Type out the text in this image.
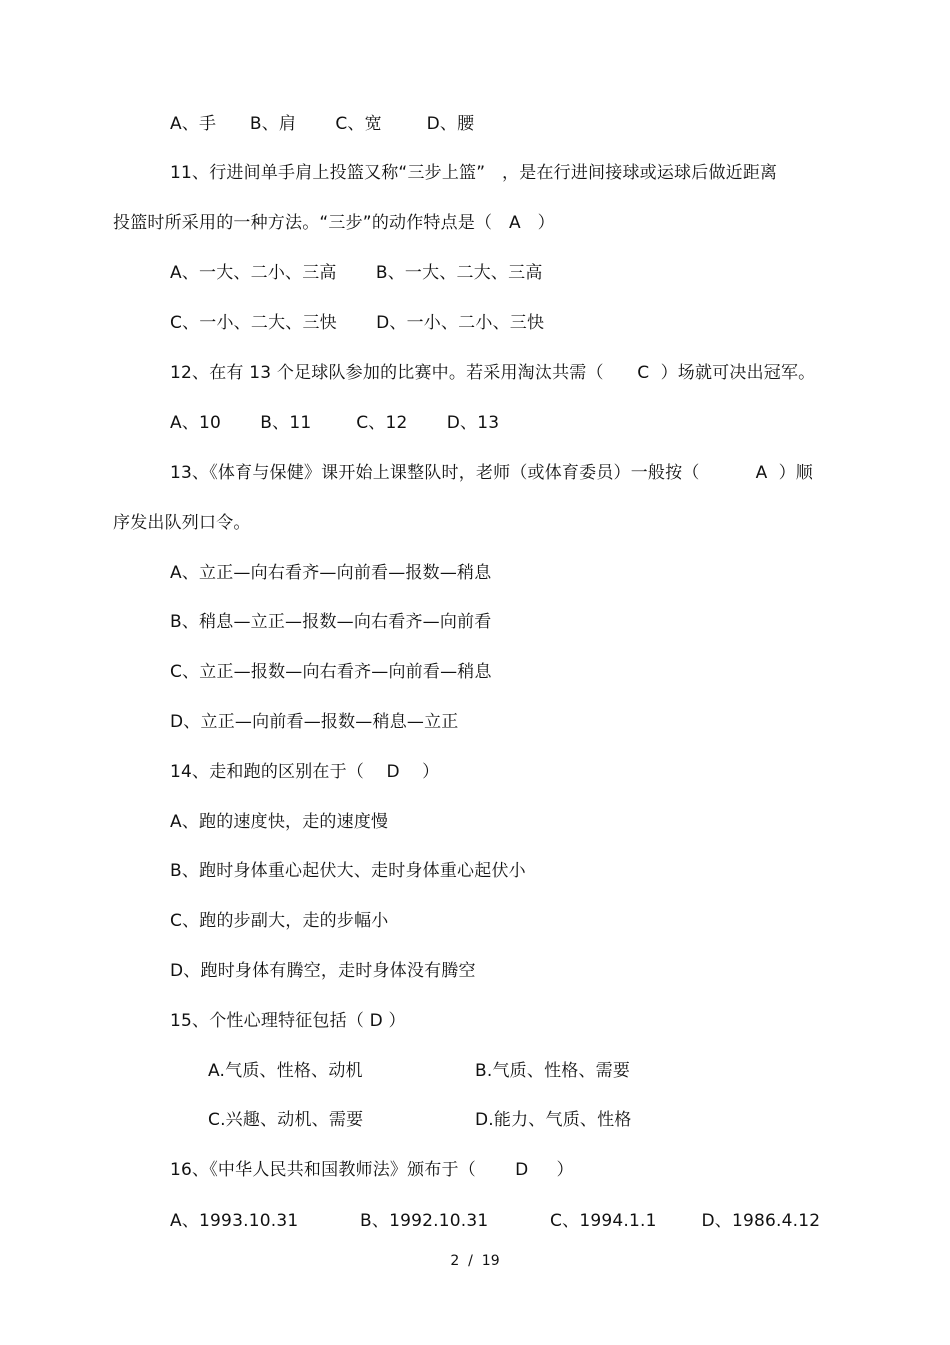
A、手      B、肩       C、宽        D、腰
11、行进间单手肩上投篮又称“三步上篮”   ，是在行进间接球或运球后做近距离
投篮时所采用的一种方法。“三步”的动作特点是（   A   ）
A、一大、二小、三高       B、一大、二大、三高
C、一小、二大、三快       D、一小、二小、三快
12、在有 13 个足球队参加的比赛中。若采用淘汰共需（      C  ）场就可决出冠军。
A、10       B、11        C、12       D、13
13、《体育与保健》课开始上课整队时，老师（或体育委员）一般按（          A  ）顺
序发出队列口令。
A、立正—向右看齐—向前看—报数—稍息
B、稍息—立正—报数—向右看齐—向前看
C、立正—报数—向右看齐—向前看—稍息
D、立正—向前看—报数—稍息—立正
14、走和跑的区别在于（    D    ）
A、跑的速度快，走的速度慢
B、跑时身体重心起伏大、走时身体重心起伏小
C、跑的步副大，走的步幅小
D、跑时身体有腾空，走时身体没有腾空
15、个性心理特征包括（ D ）
A.气质、性格、动机	B.气质、性格、需要
C.兴趣、动机、需要	D.能力、气质、性格
16、《中华人民共和国教师法》颁布于（       D     ）
A、1993.10.31           B、1992.10.31           C、1994.1.1        D、1986.4.12
2  /  19
